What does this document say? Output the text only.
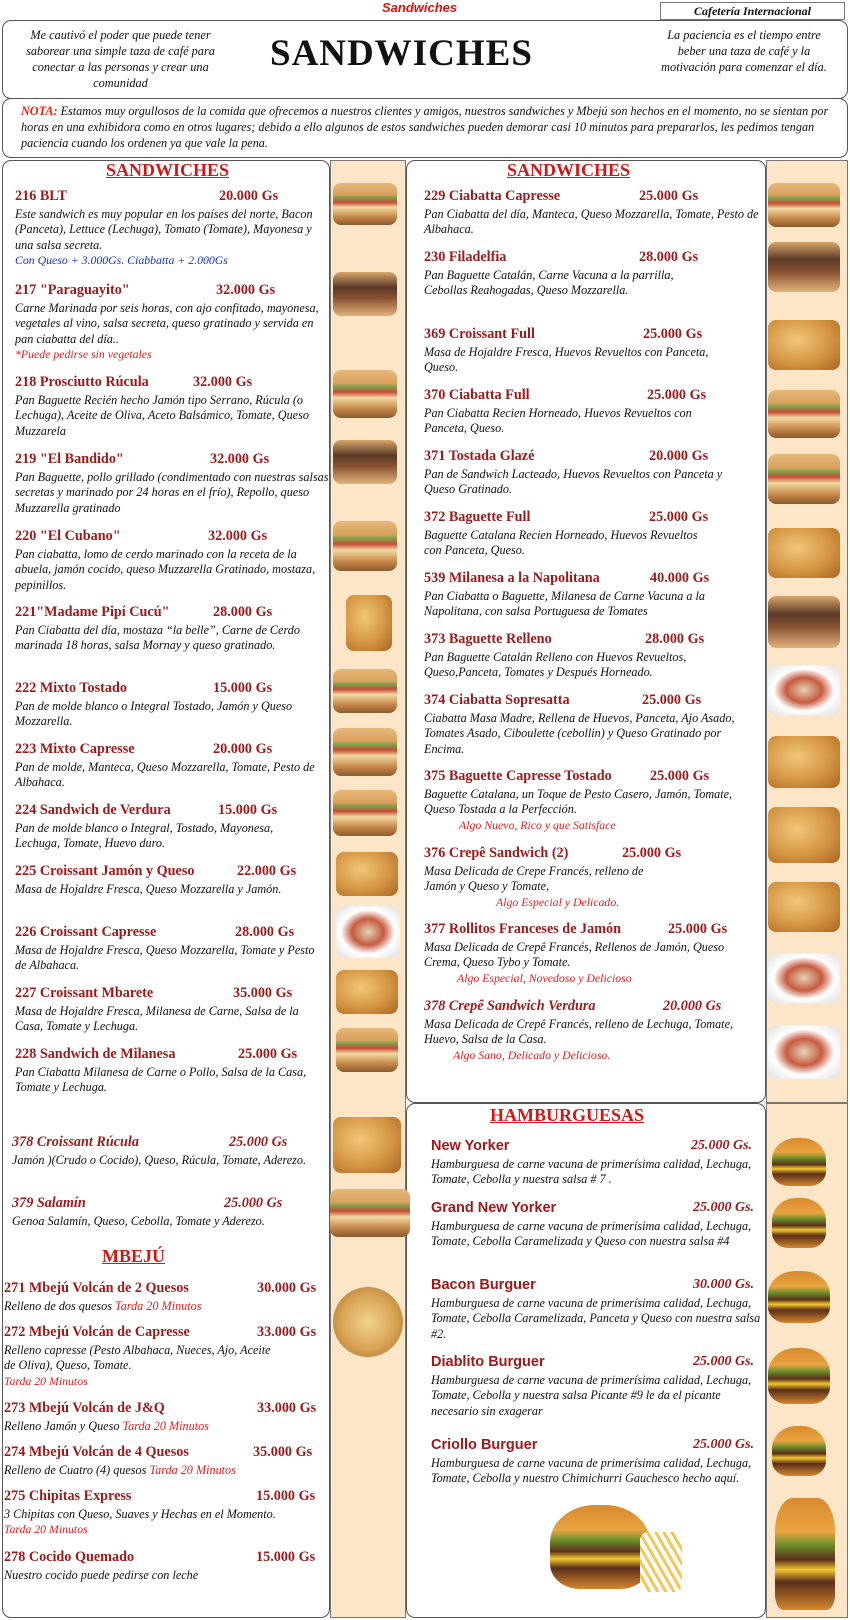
Sandwiches	Cafetería Internacional
Me cautivó el poder que puede tener saborear una simple taza de café para conectar a las personas y crear una comunidad
SANDWICHES	La paciencia es el tiempo entre beber una taza de café y la motivación para comenzar el día.
NOTA: Estamos muy orgullosos de la comida que ofrecemos a nuestros clientes y amigos, nuestros sandwiches y Mbejú son hechos en el momento, no se sientan por horas en una exhibidora como en otros lugares; debido a ello algunos de estos sandwiches pueden demorar casi 10 minutos para prepararlos, les pedimos tengan paciencia cuando los ordenen ya que vale la pena.
SANDWICHES	SANDWICHES
MBEJÚ
HAMBURGUESAS
216 BLT	20.000 Gs
Este sandwich es muy popular en los países del norte, Bacon (Panceta), Lettuce (Lechuga), Tomato (Tomate), Mayonesa y una salsa secreta.
Con Queso + 3.000Gs. Ciabbatta + 2.000Gs
217 "Paraguayito"	32.000 Gs
Carne Marinada por seis horas, con ajo confitado, mayonesa, vegetales al vino, salsa secreta, queso gratinado y servida en pan ciabatta del día..
*Puede pedirse sin vegetales
218 Prosciutto Rúcula	32.000 Gs
Pan Baguette Recién hecho Jamón tipo Serrano, Rúcula (o Lechuga), Aceite de Oliva, Aceto Balsámico, Tomate, Queso Muzzarela
219 "El Bandido"	32.000 Gs
Pan Baguette, pollo grillado (condimentado con nuestras salsas secretas y marinado por 24 horas en el frío), Repollo, queso Muzzarella gratinado
220 "El Cubano"	32.000 Gs
Pan ciabatta, lomo de cerdo marinado con la receta de la abuela, jamón cocido, queso Muzzarella Gratinado, mostaza, pepinillos.
221"Madame Pipí Cucú"	28.000 Gs
Pan Ciabatta del día, mostaza “la belle”, Carne de Cerdo marinada 18 horas, salsa Mornay y queso gratinado.
222 Mixto Tostado	15.000 Gs
Pan de molde blanco o Integral Tostado, Jamón y Queso Mozzarella.
223 Mixto Capresse	20.000 Gs
Pan de molde, Manteca, Queso Mozzarella, Tomate, Pesto de Albahaca.
224 Sandwich de Verdura	15.000 Gs
Pan de molde blanco o Integral, Tostado, Mayonesa, Lechuga, Tomate, Huevo duro.
225 Croissant Jamón y Queso	22.000 Gs
Masa de Hojaldre Fresca, Queso Mozzarella y Jamón.
226 Croissant Capresse	28.000 Gs
Masa de Hojaldre Fresca, Queso Mozzarella, Tomate y Pesto de Albahaca.
227 Croissant Mbarete	35.000 Gs
Masa de Hojaldre Fresca, Milanesa de Carne, Salsa de la Casa, Tomate y Lechuga.
228 Sandwich de Milanesa	25.000 Gs
Pan Ciabatta Milanesa de Carne o Pollo, Salsa de la Casa, Tomate y Lechuga.
378 Croissant Rúcula	25.000 Gs
Jamón )(Crudo o Cocido), Queso, Rúcula, Tomate, Aderezo.
379 Salamín	25.000 Gs
Genoa Salamín, Queso, Cebolla, Tomate y Aderezo.
271 Mbejú Volcán de 2 Quesos	30.000 Gs
Relleno de dos quesos Tarda 20 Minutos
272 Mbejú Volcán de Capresse	33.000 Gs
Relleno capresse (Pesto Albahaca, Nueces, Ajo, Aceite de Oliva), Queso, Tomate.
Tarda 20 Minutos
273 Mbejú Volcán de J&Q	33.000 Gs
Relleno Jamón y Queso Tarda 20 Minutos
274 Mbejú Volcán de 4 Quesos	35.000 Gs
Relleno de Cuatro (4) quesos Tarda 20 Minutos
275 Chipitas Express	15.000 Gs
3 Chipitas con Queso, Suaves y Hechas en el Momento.
Tarda 20 Minutos
278 Cocido Quemado	15.000 Gs
Nuestro cocido puede pedirse con leche
229 Ciabatta Capresse	25.000 Gs
Pan Ciabatta del día, Manteca, Queso Mozzarella, Tomate, Pesto de Albahaca.
230 Filadelfia	28.000 Gs
Pan Baguette Catalán, Carne Vacuna a la parrilla, Cebollas Reahogadas, Queso Mozzarella.
369 Croissant Full	25.000 Gs
Masa de Hojaldre Fresca, Huevos Revueltos con Panceta, Queso.
370 Ciabatta Full	25.000 Gs
Pan Ciabatta Recien Horneado, Huevos Revueltos con Panceta, Queso.
371 Tostada Glazé	20.000 Gs
Pan de Sandwich Lacteado, Huevos Revueltos con Panceta y Queso Gratinado.
372 Baguette Full	25.000 Gs
Baguette Catalana Recien Horneado, Huevos Revueltos con Panceta, Queso.
539 Milanesa a la Napolitana	40.000 Gs
Pan Ciabatta o Baguette, Milanesa de Carne Vacuna a la Napolitana, con salsa Portuguesa de Tomates
373 Baguette Relleno	28.000 Gs
Pan Baguette Catalán Relleno con Huevos Revueltos, Queso,Panceta, Tomates y Después Horneado.
374 Ciabatta Sopresatta	25.000 Gs
Ciabatta Masa Madre, Rellena de Huevos, Panceta, Ajo Asado, Tomates Asado, Ciboulette (cebollin) y Queso Gratinado por Encima.
375 Baguette Capresse Tostado	25.000 Gs
Baguette Catalana, un Toque de Pesto Casero, Jamón, Tomate, Queso Tostada a la Perfección.
Algo Nuevo, Rico y que Satisface
376 Crepê Sandwich (2)	25.000 Gs
Masa Delicada de Crepe Francés, relleno de Jamón y Queso y Tomate,
Algo Especial y Delicado.
377 Rollitos Franceses de Jamón	25.000 Gs
Masa Delicada de Crepê Francés, Rellenos de Jamón, Queso Crema, Queso Tybo y Tomate.
Algo Especial, Novedoso y Delicioso
378 Crepê Sandwich Verdura	20.000 Gs
Masa Delicada de Crepê Francés, relleno de Lechuga, Tomate, Huevo, Salsa de la Casa.
Algo Sano, Delicado y Delicioso.
New Yorker	25.000 Gs.
Hamburguesa de carne vacuna de primerísima calidad, Lechuga, Tomate, Cebolla y nuestra salsa # 7 .
Grand New Yorker	25.000 Gs.
Hamburguesa de carne vacuna de primerísima calidad, Lechuga, Tomate, Cebolla Caramelizada y Queso con nuestra salsa #4
Bacon Burguer	30.000 Gs.
Hamburguesa de carne vacuna de primerísima calidad, Lechuga, Tomate, Cebolla Caramelizada, Panceta y Queso con nuestra salsa #2.
Diablito Burguer	25.000 Gs.
Hamburguesa de carne vacuna de primerísima calidad, Lechuga, Tomate, Cebolla y nuestra salsa Picante #9 le da el picante necesario sin exagerar
Criollo Burguer	25.000 Gs.
Hamburguesa de carne vacuna de primerísima calidad, Lechuga, Tomate, Cebolla y nuestro Chimichurri Gauchesco hecho aquí.
